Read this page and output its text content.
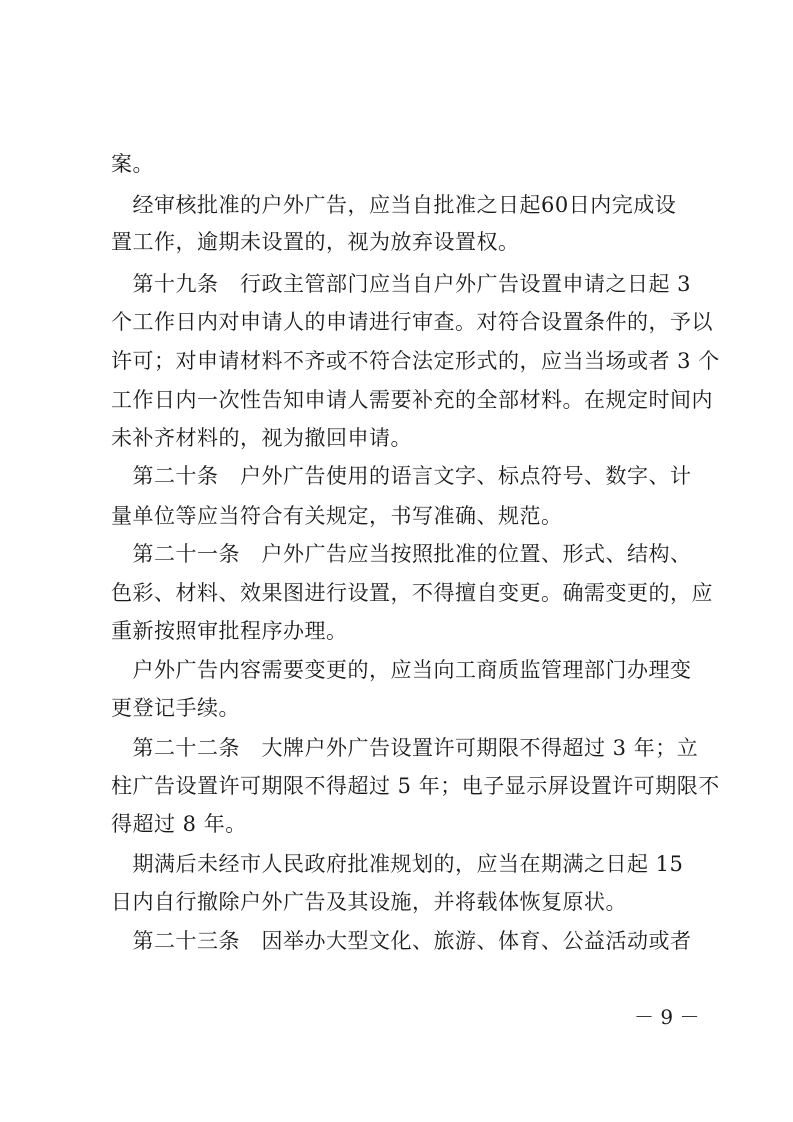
案。
　经审核批准的户外广告，应当自批准之日起60日内完成设
置工作，逾期未设置的，视为放弃设置权。
　第十九条　行政主管部门应当自户外广告设置申请之日起 3
个工作日内对申请人的申请进行审查。对符合设置条件的，予以
许可；对申请材料不齐或不符合法定形式的，应当当场或者 3 个
工作日内一次性告知申请人需要补充的全部材料。在规定时间内
未补齐材料的，视为撤回申请。
　第二十条　户外广告使用的语言文字、标点符号、数字、计
量单位等应当符合有关规定，书写准确、规范。
　第二十一条　户外广告应当按照批准的位置、形式、结构、
色彩、材料、效果图进行设置，不得擅自变更。确需变更的，应
重新按照审批程序办理。
　户外广告内容需要变更的，应当向工商质监管理部门办理变
更登记手续。
　第二十二条　大牌户外广告设置许可期限不得超过 3 年；立
柱广告设置许可期限不得超过 5 年；电子显示屏设置许可期限不
得超过 8 年。
　期满后未经市人民政府批准规划的，应当在期满之日起 15
日内自行撤除户外广告及其设施，并将载体恢复原状。
　第二十三条　因举办大型文化、旅游、体育、公益活动或者
－ 9 －
